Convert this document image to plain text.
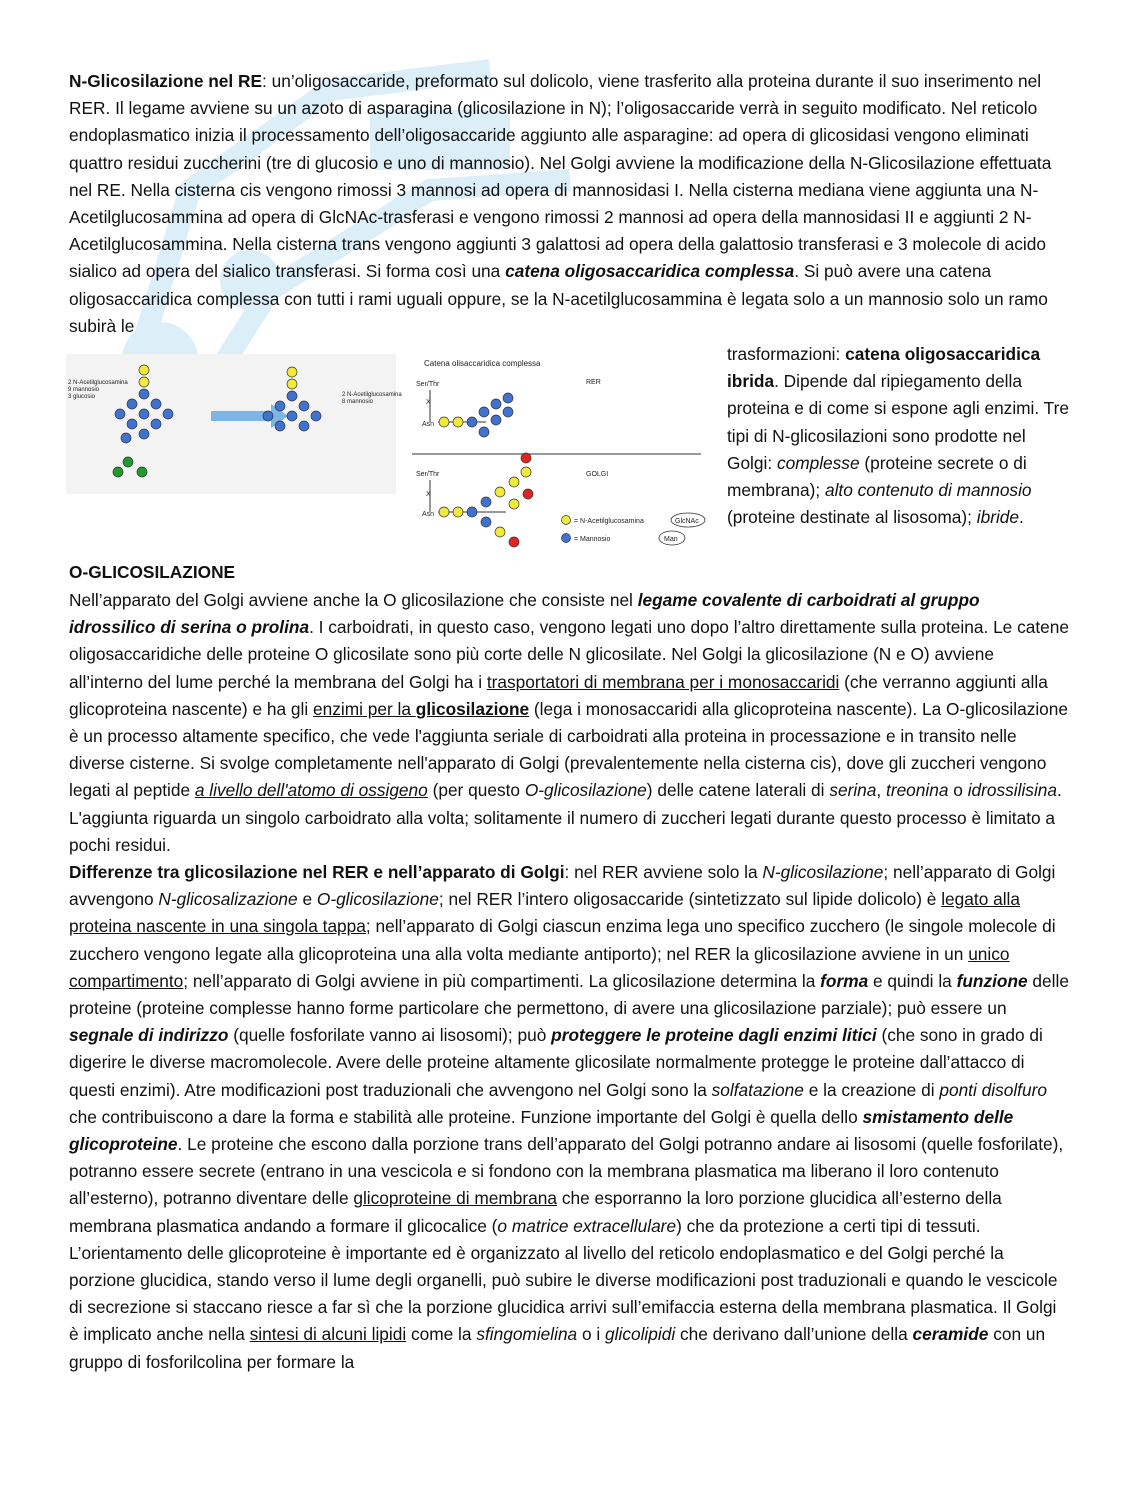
N-Glicosilazione nel RE: un’oligosaccaride, preformato sul dolicolo, viene trasferito alla proteina durante il suo inserimento nel RER. Il legame avviene su un azoto di asparagina (glicosilazione in N); l’oligosaccaride verrà in seguito modificato. Nel reticolo endoplasmatico inizia il processamento dell’oligosaccaride aggiunto alle asparagine: ad opera di glicosidasi vengono eliminati quattro residui zuccherini (tre di glucosio e uno di mannosio). Nel Golgi avviene la modificazione della N-Glicosilazione effettuata nel RE. Nella cisterna cis vengono rimossi 3 mannosi ad opera di mannosidasi I. Nella cisterna mediana viene aggiunta una N-Acetilglucosammina ad opera di GlcNAc-trasferasi e vengono rimossi 2 mannosi ad opera della mannosidasi II e aggiunti 2 N-Acetilglucosammina. Nella cisterna trans vengono aggiunti 3 galattosi ad opera della galattosio transferasi e 3 molecole di acido sialico ad opera del sialico transferasi. Si forma così una catena oligosaccaridica complessa. Si può avere una catena oligosaccaridica complessa con tutti i rami uguali oppure, se la N-acetilglucosammina è legata solo a un mannosio solo un ramo subirà le
trasformazioni: catena oligosaccaridica ibrida. Dipende dal ripiegamento della proteina e di come si espone agli enzimi. Tre tipi di N-glicosilazioni sono prodotte nel Golgi: complesse (proteine secrete o di membrana); alto contenuto di mannosio (proteine destinate al lisosoma); ibride.
2 N-Acetilglucosamina
9 mannosio
3 glucosio	2 N-Acetilglucosamina
8 mannosio
Catena olisaccaridica complessa
RER
GOLGI
Ser/Thr
X
Asn
Ser/Thr
X
Asn
= N-Acetilglucosamina	GlcNAc
= Mannosio	Man
O-GLICOSILAZIONE
Nell’apparato del Golgi avviene anche la O glicosilazione che consiste nel legame covalente di carboidrati al gruppo idrossilico di serina o prolina. I carboidrati, in questo caso, vengono legati uno dopo l’altro direttamente sulla proteina. Le catene oligosaccaridiche delle proteine O glicosilate sono più corte delle N glicosilate. Nel Golgi la glicosilazione (N e O) avviene all’interno del lume perché la membrana del Golgi ha i trasportatori di membrana per i monosaccaridi (che verranno aggiunti alla glicoproteina nascente) e ha gli enzimi per la glicosilazione (lega i monosaccaridi alla glicoproteina nascente). La O-glicosilazione è un processo altamente specifico, che vede l'aggiunta seriale di carboidrati alla proteina in processazione e in transito nelle diverse cisterne. Si svolge completamente nell'apparato di Golgi (prevalentemente nella cisterna cis), dove gli zuccheri vengono legati al peptide a livello dell'atomo di ossigeno (per questo O-glicosilazione) delle catene laterali di serina, treonina o idrossilisina. L'aggiunta riguarda un singolo carboidrato alla volta; solitamente il numero di zuccheri legati durante questo processo è limitato a pochi residui.
Differenze tra glicosilazione nel RER e nell’apparato di Golgi: nel RER avviene solo la N-glicosilazione; nell’apparato di Golgi avvengono N-glicosalizazione e O-glicosilazione; nel RER l’intero oligosaccaride (sintetizzato sul lipide dolicolo) è legato alla proteina nascente in una singola tappa; nell’apparato di Golgi ciascun enzima lega uno specifico zucchero (le singole molecole di zucchero vengono legate alla glicoproteina una alla volta mediante antiporto); nel RER la glicosilazione avviene in un unico compartimento; nell’apparato di Golgi avviene in più compartimenti. La glicosilazione determina la forma e quindi la funzione delle proteine (proteine complesse hanno forme particolare che permettono, di avere una glicosilazione parziale); può essere un segnale di indirizzo (quelle fosforilate vanno ai lisosomi); può proteggere le proteine dagli enzimi litici (che sono in grado di digerire le diverse macromolecole. Avere delle proteine altamente glicosilate normalmente protegge le proteine dall’attacco di questi enzimi). Atre modificazioni post traduzionali che avvengono nel Golgi sono la solfatazione e la creazione di ponti disolfuro che contribuiscono a dare la forma e stabilità alle proteine. Funzione importante del Golgi è quella dello smistamento delle glicoproteine. Le proteine che escono dalla porzione trans dell’apparato del Golgi potranno andare ai lisosomi (quelle fosforilate), potranno essere secrete (entrano in una vescicola e si fondono con la membrana plasmatica ma liberano il loro contenuto all’esterno), potranno diventare delle glicoproteine di membrana che esporranno la loro porzione glucidica all’esterno della membrana plasmatica andando a formare il glicocalice (o matrice extracellulare) che da protezione a certi tipi di tessuti. L’orientamento delle glicoproteine è importante ed è organizzato al livello del reticolo endoplasmatico e del Golgi perché la porzione glucidica, stando verso il lume degli organelli, può subire le diverse modificazioni post traduzionali e quando le vescicole di secrezione si staccano riesce a far sì che la porzione glucidica arrivi sull’emifaccia esterna della membrana plasmatica. Il Golgi è implicato anche nella sintesi di alcuni lipidi come la sfingomielina o i glicolipidi che derivano dall’unione della ceramide con un gruppo di fosforilcolina per formare la
